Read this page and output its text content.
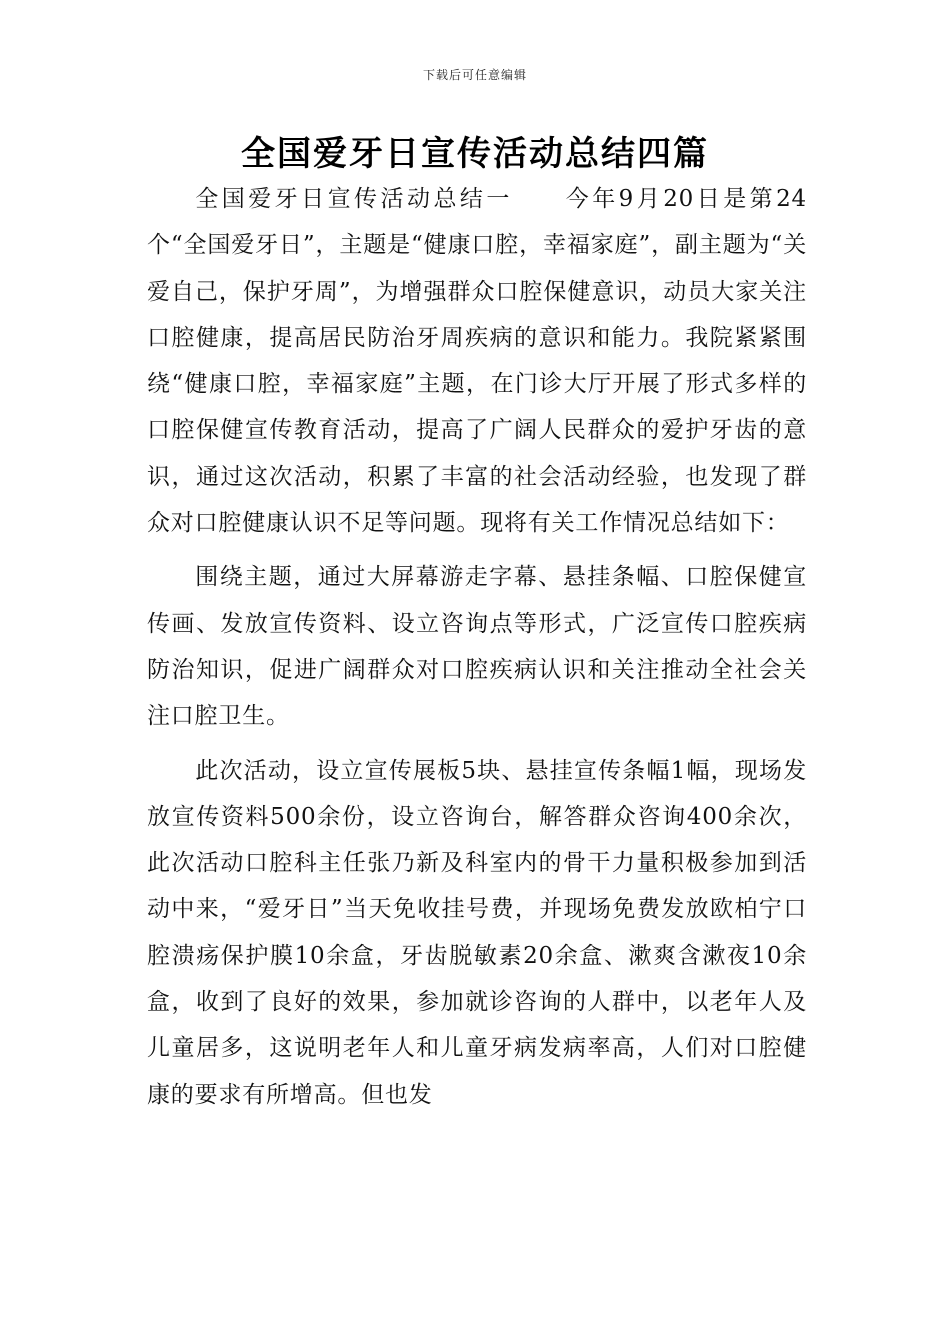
下载后可任意编辑
全国爱牙日宣传活动总结四篇

全国爱牙日宣传活动总结一　　今年9月20日是第24个“全国爱牙日”，主题是“健康口腔，幸福家庭”，副主题为“关爱自己，保护牙周”，为增强群众口腔保健意识，动员大家关注口腔健康，提高居民防治牙周疾病的意识和能力。我院紧紧围绕“健康口腔，幸福家庭”主题，在门诊大厅开展了形式多样的口腔保健宣传教育活动，提高了广阔人民群众的爱护牙齿的意识，通过这次活动，积累了丰富的社会活动经验，也发现了群众对口腔健康认识不足等问题。现将有关工作情况总结如下：

围绕主题，通过大屏幕游走字幕、悬挂条幅、口腔保健宣传画、发放宣传资料、设立咨询点等形式，广泛宣传口腔疾病防治知识，促进广阔群众对口腔疾病认识和关注推动全社会关注口腔卫生。

此次活动，设立宣传展板5块、悬挂宣传条幅1幅，现场发放宣传资料500余份，设立咨询台，解答群众咨询400余次，此次活动口腔科主任张乃新及科室内的骨干力量积极参加到活动中来，“爱牙日”当天免收挂号费，并现场免费发放欧柏宁口腔溃疡保护膜10余盒，牙齿脱敏素20余盒、漱爽含漱夜10余盒，收到了良好的效果，参加就诊咨询的人群中，以老年人及儿童居多，这说明老年人和儿童牙病发病率高，人们对口腔健康的要求有所增高。但也发
